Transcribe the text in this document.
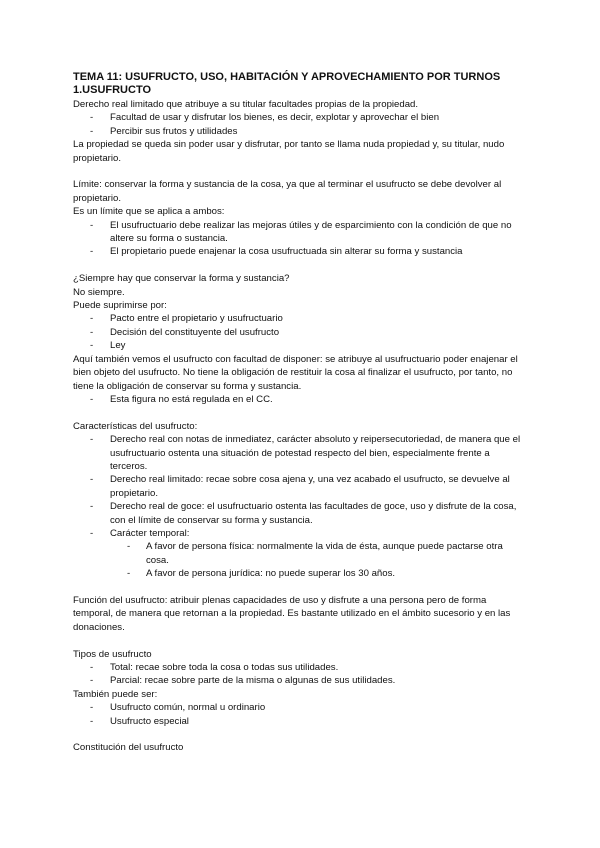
TEMA 11: USUFRUCTO, USO, HABITACIÓN Y APROVECHAMIENTO POR TURNOS
1.USUFRUCTO

Derecho real limitado que atribuye a su titular facultades propias de la propiedad.

- Facultad de usar y disfrutar los bienes, es decir, explotar y aprovechar el bien
- Percibir sus frutos y utilidades

La propiedad se queda sin poder usar y disfrutar, por tanto se llama nuda propiedad y, su titular, nudo propietario.

Límite: conservar la forma y sustancia de la cosa, ya que al terminar el usufructo se debe devolver al propietario.

Es un límite que se aplica a ambos:

- El usufructuario debe realizar las mejoras útiles y de esparcimiento con la condición de que no altere su forma o sustancia.
- El propietario puede enajenar la cosa usufructuada sin alterar su forma y sustancia

¿Siempre hay que conservar la forma y sustancia?

No siempre.

Puede suprimirse por:

- Pacto entre el propietario y usufructuario
- Decisión del constituyente del usufructo
- Ley

Aquí también vemos el usufructo con facultad de disponer: se atribuye al usufructuario poder enajenar el bien objeto del usufructo. No tiene la obligación de restituir la cosa al finalizar el usufructo, por tanto, no tiene la obligación de conservar su forma y sustancia.

- Esta figura no está regulada en el CC.

Características del usufructo:

- Derecho real con notas de inmediatez, carácter absoluto y reipersecutoriedad, de manera que el usufructuario ostenta una situación de potestad respecto del bien, especialmente frente a terceros.
- Derecho real limitado: recae sobre cosa ajena y, una vez acabado el usufructo, se devuelve al propietario.
- Derecho real de goce: el usufructuario ostenta las facultades de goce, uso y disfrute de la cosa, con el límite de conservar su forma y sustancia.
- Carácter temporal:
- A favor de persona física: normalmente la vida de ésta, aunque puede pactarse otra cosa.
- A favor de persona jurídica: no puede superar los 30 años.

Función del usufructo: atribuir plenas capacidades de uso y disfrute a una persona pero de forma temporal, de manera que retornan a la propiedad. Es bastante utilizado en el ámbito sucesorio y en las donaciones.

Tipos de usufructo

- Total: recae sobre toda la cosa o todas sus utilidades.
- Parcial: recae sobre parte de la misma o algunas de sus utilidades.

También puede ser:

- Usufructo común, normal u ordinario
- Usufructo especial

Constitución del usufructo
